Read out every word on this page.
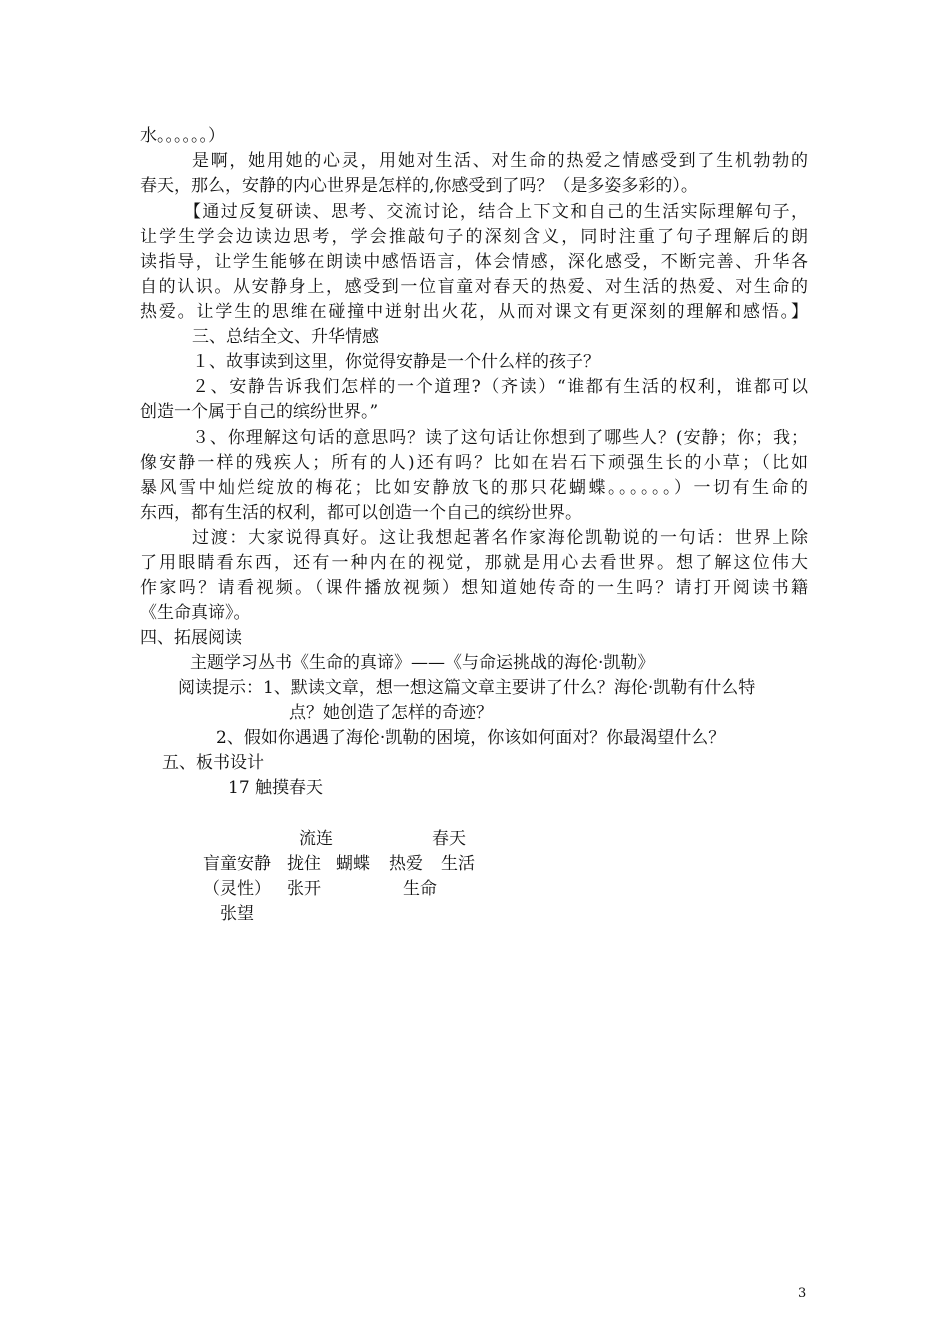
水。。。。。。）
是啊，她用她的心灵，用她对生活、对生命的热爱之情感受到了生机勃勃的
春天，那么，安静的内心世界是怎样的,你感受到了吗？（是多姿多彩的）。
【通过反复研读、思考、交流讨论，结合上下文和自己的生活实际理解句子，
让学生学会边读边思考，学会推敲句子的深刻含义，同时注重了句子理解后的朗
读指导，让学生能够在朗读中感悟语言，体会情感，深化感受，不断完善、升华各
自的认识。从安静身上，感受到一位盲童对春天的热爱、对生活的热爱、对生命的
热爱。让学生的思维在碰撞中迸射出火花，从而对课文有更深刻的理解和感悟。】
三、总结全文、升华情感
１、故事读到这里，你觉得安静是一个什么样的孩子？
２、安静告诉我们怎样的一个道理?（齐读）“谁都有生活的权利，谁都可以
创造一个属于自己的缤纷世界。”
３、你理解这句话的意思吗？读了这句话让你想到了哪些人？(安静；你；我；
像安静一样的残疾人；所有的人)还有吗？比如在岩石下顽强生长的小草；（比如
暴风雪中灿烂绽放的梅花；比如安静放飞的那只花蝴蝶。。。。。。）一切有生命的
东西，都有生活的权利，都可以创造一个自己的缤纷世界。
过渡：大家说得真好。这让我想起著名作家海伦凯勒说的一句话：世界上除
了用眼睛看东西，还有一种内在的视觉，那就是用心去看世界。想了解这位伟大
作家吗？请看视频。（课件播放视频）想知道她传奇的一生吗？请打开阅读书籍
《生命真谛》。
四、拓展阅读
主题学习丛书《生命的真谛》——《与命运挑战的海伦·凯勒》
阅读提示：1、默读文章，想一想这篇文章主要讲了什么？海伦·凯勒有什么特
点？她创造了怎样的奇迹？
2、假如你遇遇了海伦·凯勒的困境，你该如何面对？你最渴望什么？
五、板书设计
17 触摸春天
流连	春天
盲童安静 拢住 蝴蝶 热爱 生活
（灵性） 张开	生命
张望
3
